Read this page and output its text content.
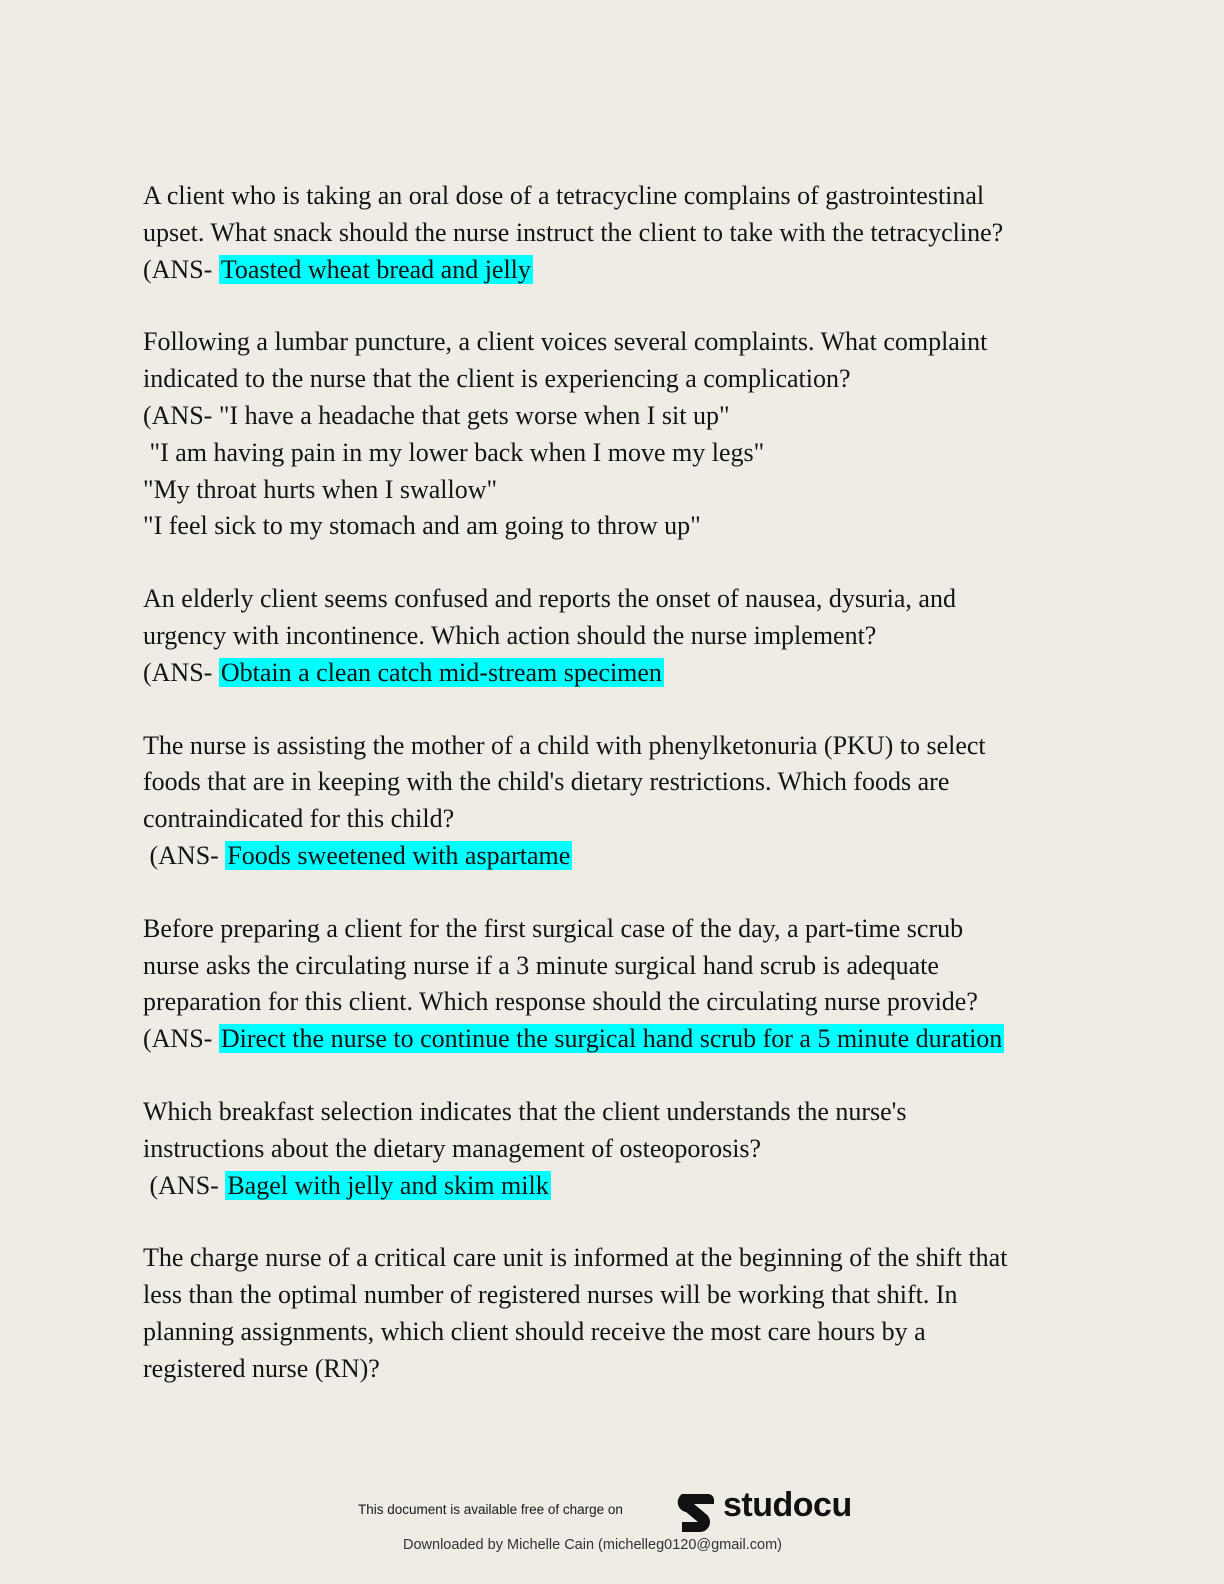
A client who is taking an oral dose of a tetracycline complains of gastrointestinal
upset. What snack should the nurse instruct the client to take with the tetracycline?
(ANS- Toasted wheat bread and jelly
Following a lumbar puncture, a client voices several complaints. What complaint
indicated to the nurse that the client is experiencing a complication?
(ANS- "I have a headache that gets worse when I sit up"
"I am having pain in my lower back when I move my legs"
"My throat hurts when I swallow"
"I feel sick to my stomach and am going to throw up"
An elderly client seems confused and reports the onset of nausea, dysuria, and
urgency with incontinence. Which action should the nurse implement?
(ANS- Obtain a clean catch mid-stream specimen
The nurse is assisting the mother of a child with phenylketonuria (PKU) to select
foods that are in keeping with the child's dietary restrictions. Which foods are
contraindicated for this child?
(ANS- Foods sweetened with aspartame
Before preparing a client for the first surgical case of the day, a part-time scrub
nurse asks the circulating nurse if a 3 minute surgical hand scrub is adequate
preparation for this client. Which response should the circulating nurse provide?
(ANS- Direct the nurse to continue the surgical hand scrub for a 5 minute duration
Which breakfast selection indicates that the client understands the nurse's
instructions about the dietary management of osteoporosis?
(ANS- Bagel with jelly and skim milk
The charge nurse of a critical care unit is informed at the beginning of the shift that
less than the optimal number of registered nurses will be working that shift. In
planning assignments, which client should receive the most care hours by a
registered nurse (RN)?
This document is available free of charge on	studocu
Downloaded by Michelle Cain (michelleg0120@gmail.com)
